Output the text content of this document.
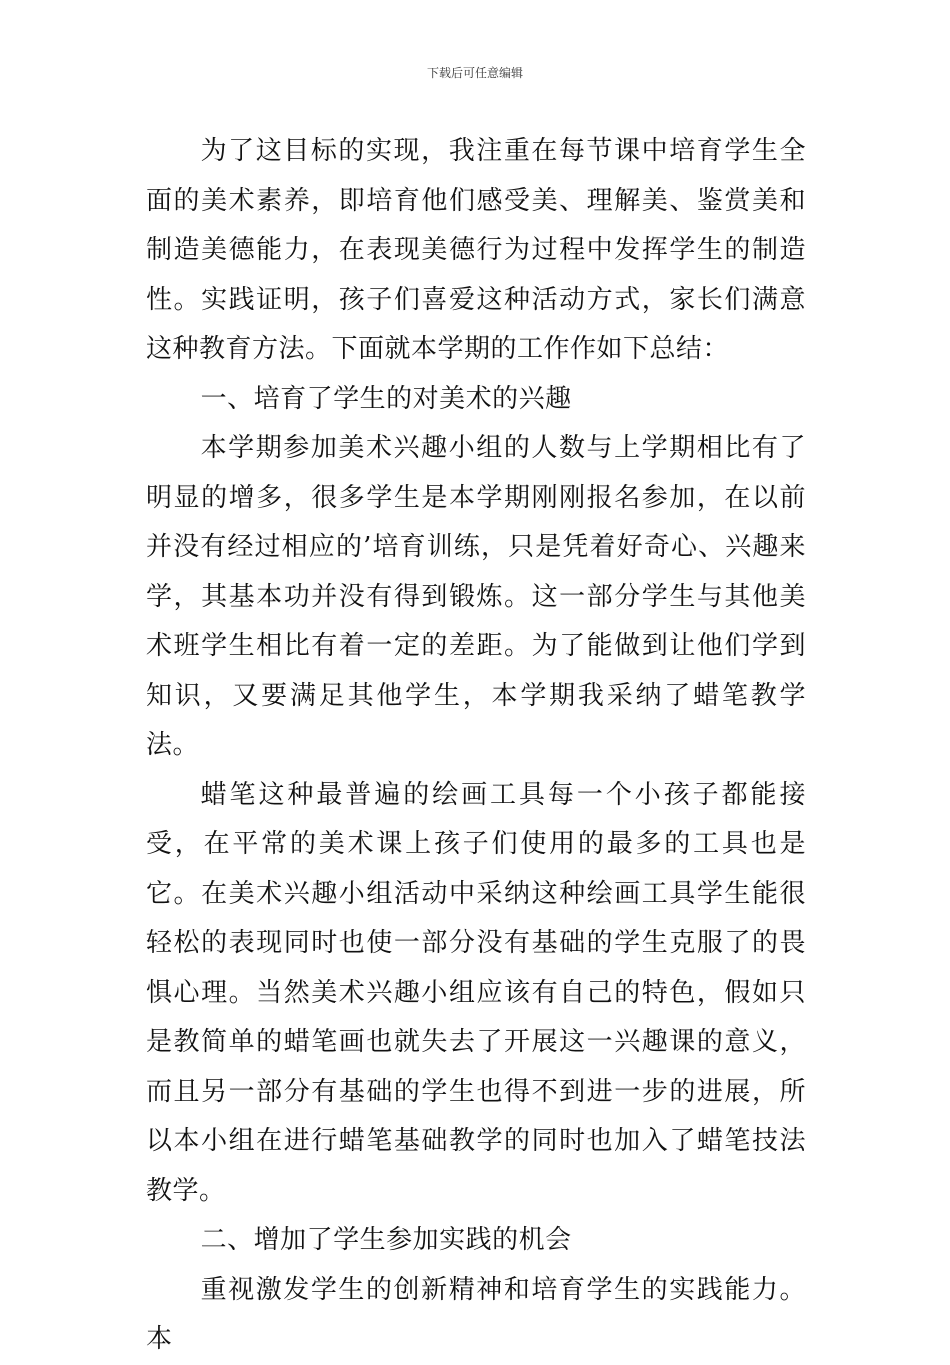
下载后可任意编辑

为了这目标的实现，我注重在每节课中培育学生全面的美术素养，即培育他们感受美、理解美、鉴赏美和制造美德能力，在表现美德行为过程中发挥学生的制造性。实践证明，孩子们喜爱这种活动方式，家长们满意这种教育方法。下面就本学期的工作作如下总结：

一、培育了学生的对美术的兴趣

本学期参加美术兴趣小组的人数与上学期相比有了明显的增多，很多学生是本学期刚刚报名参加，在以前并没有经过相应的’培育训练，只是凭着好奇心、兴趣来学，其基本功并没有得到锻炼。这一部分学生与其他美术班学生相比有着一定的差距。为了能做到让他们学到知识，又要满足其他学生，本学期我采纳了蜡笔教学法。

蜡笔这种最普遍的绘画工具每一个小孩子都能接受，在平常的美术课上孩子们使用的最多的工具也是它。在美术兴趣小组活动中采纳这种绘画工具学生能很轻松的表现同时也使一部分没有基础的学生克服了的畏惧心理。当然美术兴趣小组应该有自己的特色，假如只是教简单的蜡笔画也就失去了开展这一兴趣课的意义，而且另一部分有基础的学生也得不到进一步的进展，所以本小组在进行蜡笔基础教学的同时也加入了蜡笔技法教学。

二、增加了学生参加实践的机会

重视激发学生的创新精神和培育学生的实践能力。本
